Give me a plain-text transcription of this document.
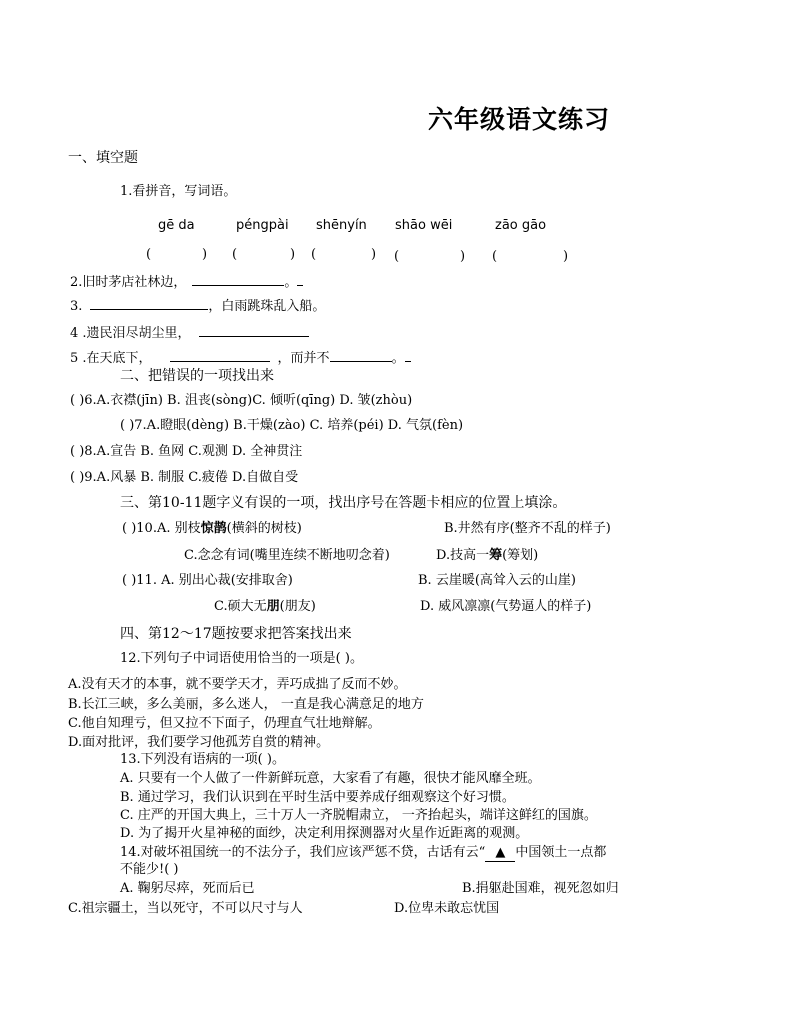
六年级语文练习
一、填空题
1.看拼音，写词语。
gē da	péngpài shēnyín shāo wēi	zāo gāo
(	) (	) (	) (	) (	)
2.旧时茅店社林边，	。
3.	，白雨跳珠乱入船。
4 .遗民泪尽胡尘里，
5 .在天底下，	，而并不	。
二、把错误的一项找出来
( )6.A.衣襟(jīn) B. 沮丧(sòng)C. 倾听(qīng) D. 皱(zhòu)
( )7.A.瞪眼(dèng) B.干燥(zào) C. 培养(péi) D. 气氛(fèn)
( )8.A.宣告 B. 鱼网 C.观测 D. 全神贯注
( )9.A.风暴 B. 制服 C.疲倦 D.自做自受
三、第10-11题字义有误的一项，找出序号在答题卡相应的位置上填涂。
( )10.A. 别枝惊鹊(横斜的树枝)	B.井然有序(整齐不乱的样子)
C.念念有词(嘴里连续不断地叨念着)	D.技高一筹(筹划)
( )11. A. 别出心裁(安排取舍)	B. 云崖暖(高耸入云的山崖)
C.硕大无朋(朋友)	D. 威风凛凛(气势逼人的样子)
四、第12～17题按要求把答案找出来
12.下列句子中词语使用恰当的一项是( )。
A.没有天才的本事，就不要学天才，弄巧成拙了反而不妙。
B.长江三峡，多么美丽，多么迷人， 一直是我心满意足的地方
C.他自知理亏，但又拉不下面子，仍理直气壮地辩解。
D.面对批评，我们要学习他孤芳自赏的精神。
13.下列没有语病的一项( )。
A. 只要有一个人做了一件新鲜玩意，大家看了有趣，很快才能风靡全班。
B. 通过学习，我们认识到在平时生活中要养成仔细观察这个好习惯。
C. 庄严的开国大典上，三十万人一齐脱帽肃立， 一齐抬起头，端详这鲜红的国旗。
D. 为了揭开火星神秘的面纱，决定利用探测器对火星作近距离的观测。
14.对破坏祖国统一的不法分子，我们应该严惩不贷，古话有云“ ▲ 中国领土一点都
不能少!( )
A. 鞠躬尽瘁，死而后已	B.捐躯赴国难，视死忽如归
C.祖宗疆土，当以死守，不可以尺寸与人	D.位卑未敢忘忧国
